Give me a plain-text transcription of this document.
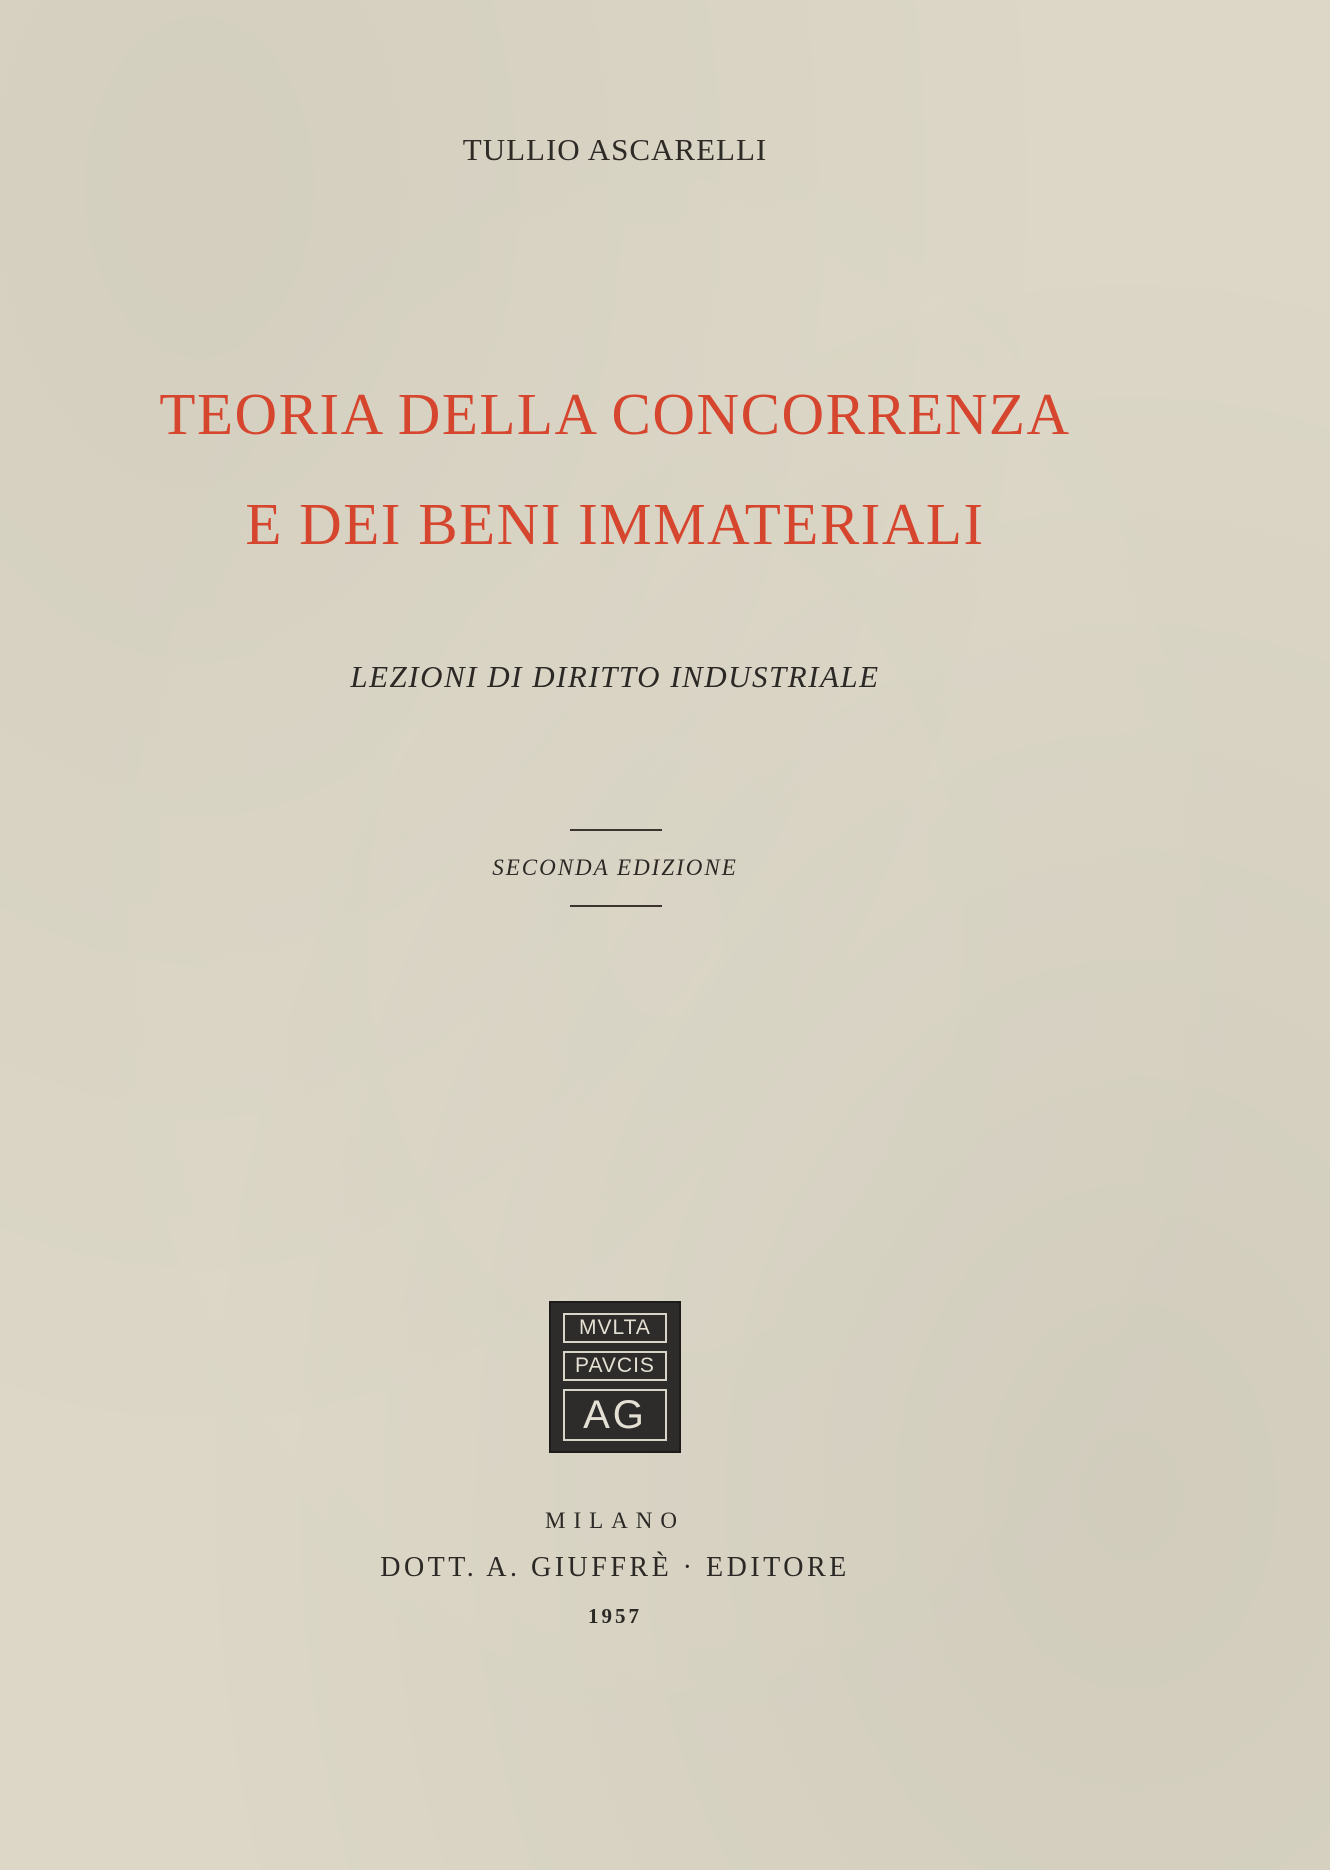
TULLIO ASCARELLI
TEORIA DELLA CONCORRENZA
E DEI BENI IMMATERIALI
LEZIONI DI DIRITTO INDUSTRIALE
SECONDA EDIZIONE
MVLTA
PAVCIS
AG
MILANO
DOTT. A. GIUFFRÈ · EDITORE
1957
